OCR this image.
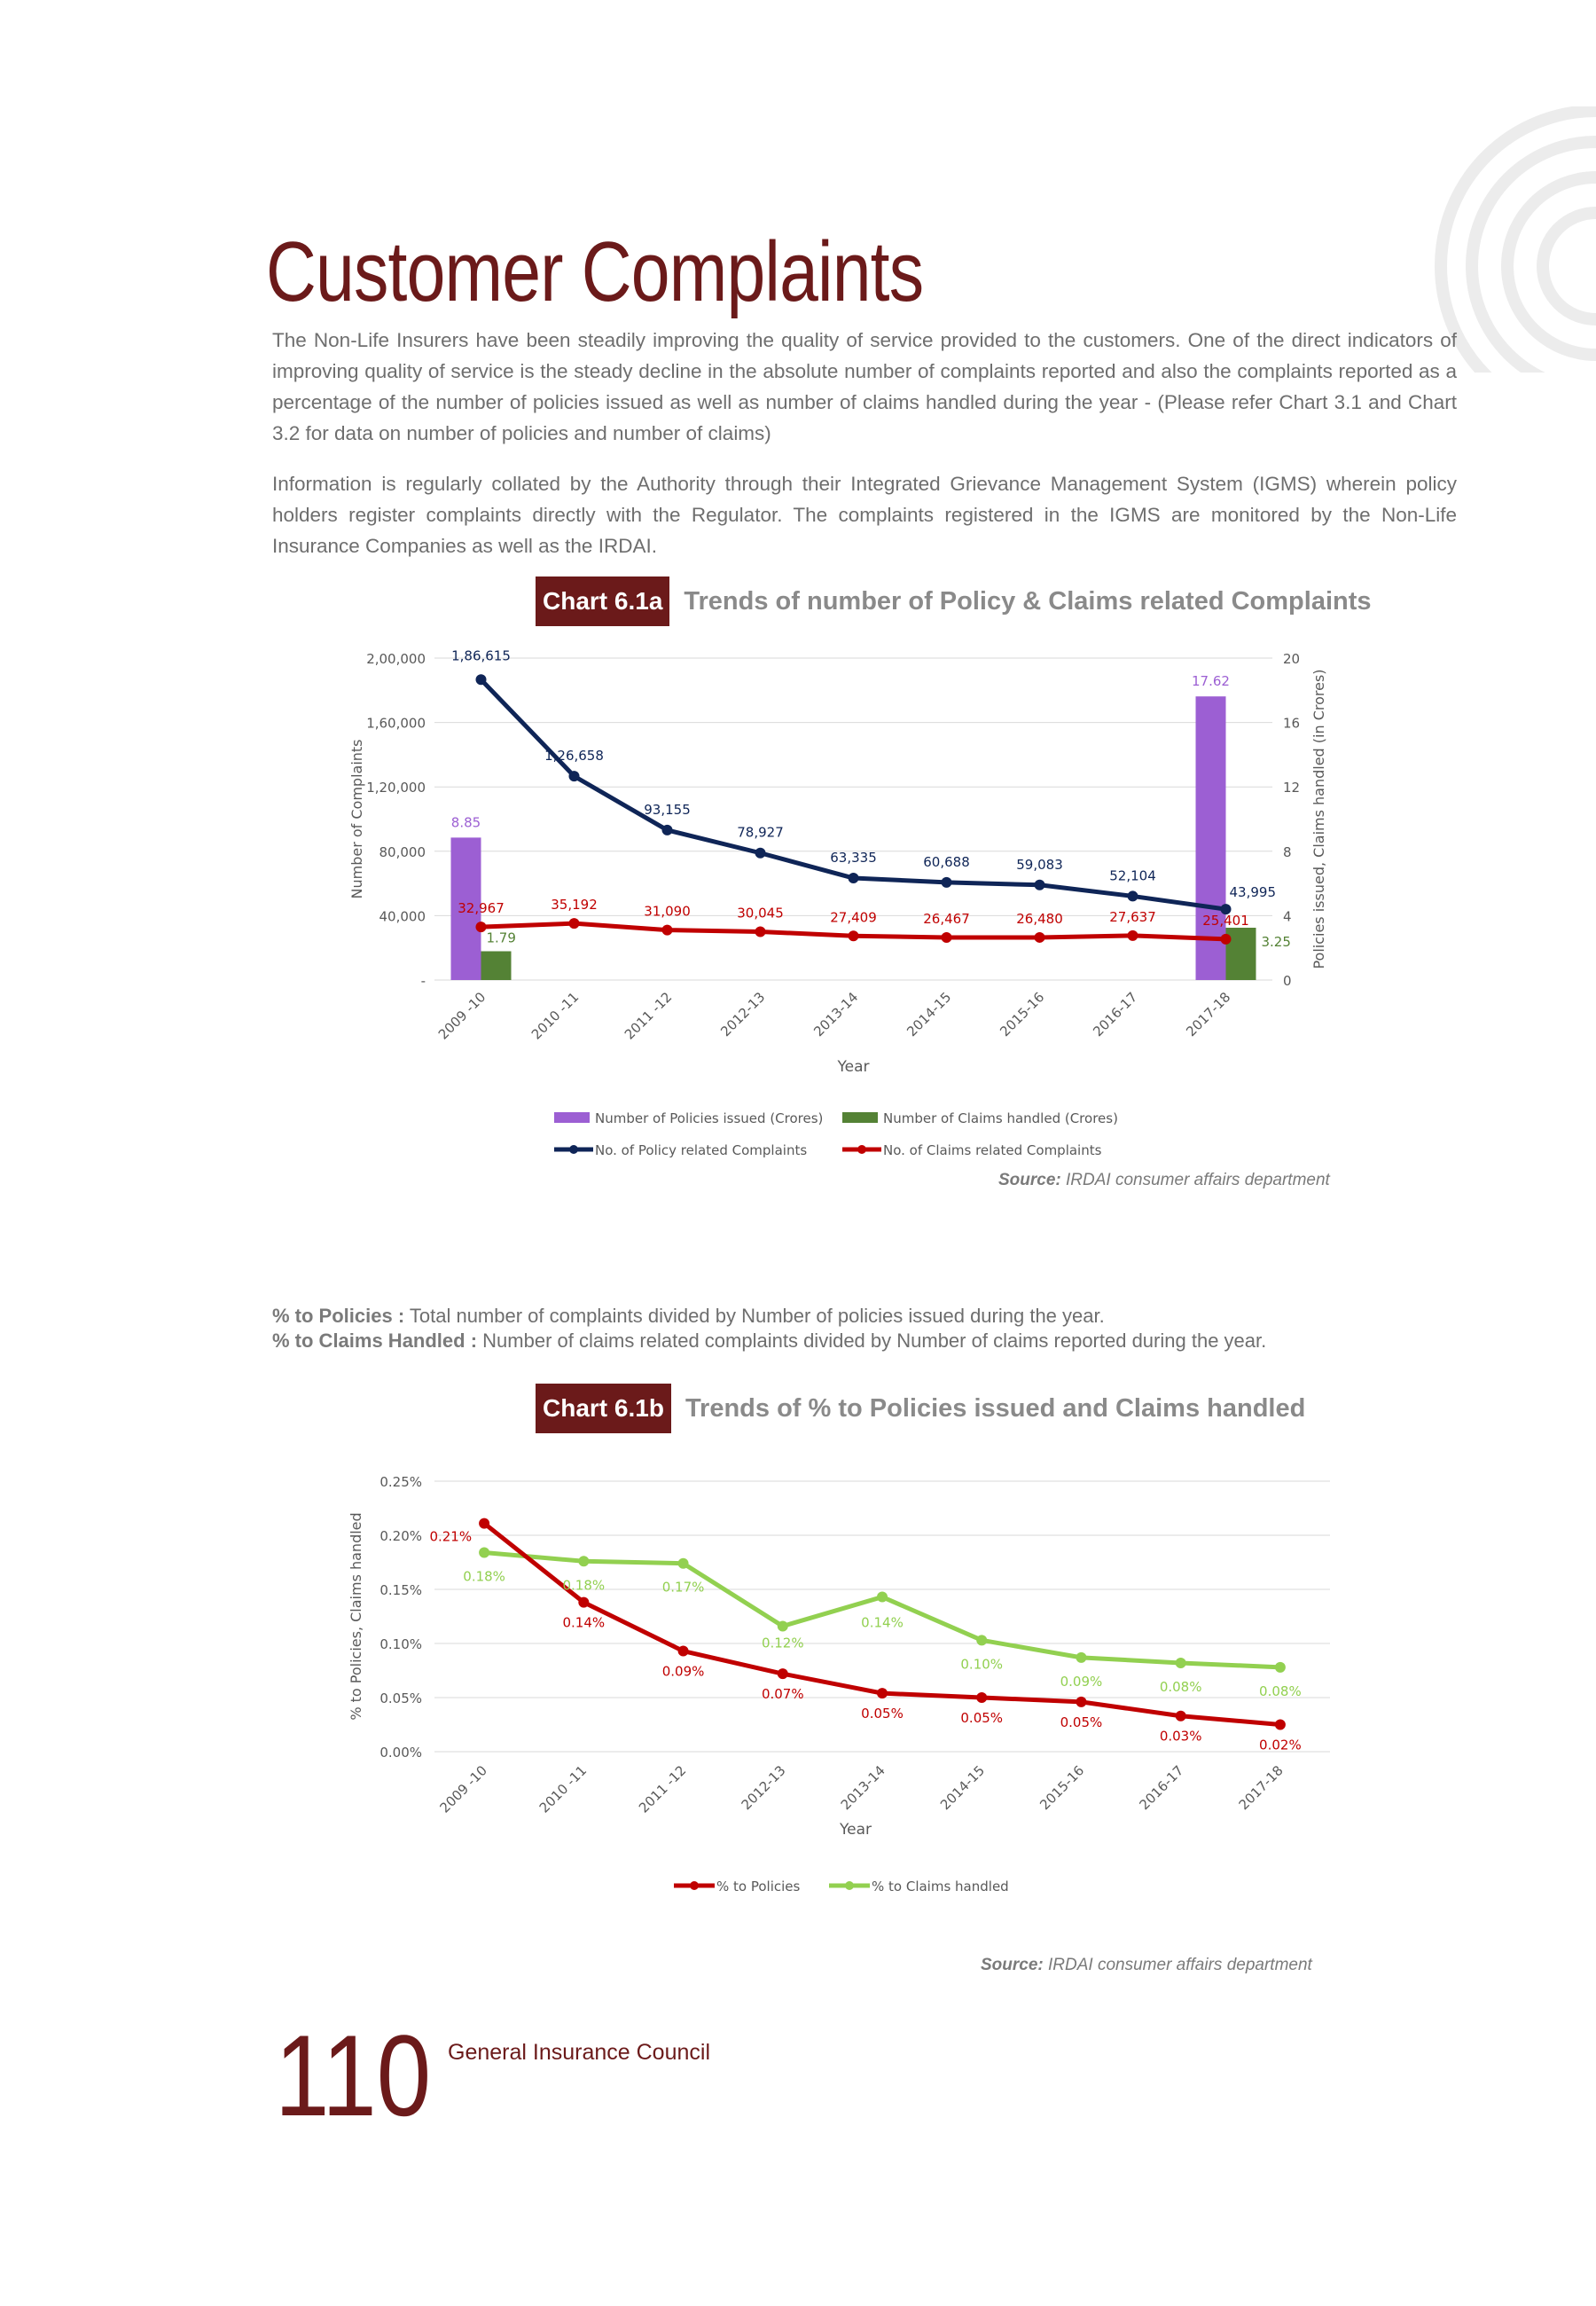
Customer Complaints

The Non-Life Insurers have been steadily improving the quality of service provided to the customers. One of the direct indicators of improving quality of service is the steady decline in the absolute number of complaints reported and also the complaints reported as a percentage of the number of policies issued as well as number of claims handled during the year - (Please refer Chart 3.1 and Chart 3.2 for data on number of policies and number of claims)

Information is regularly collated by the Authority through their Integrated Grievance Management System (IGMS) wherein policy holders register complaints directly with the Regulator. The complaints registered in the IGMS are monitored by the Non-Life Insurance Companies as well as the IRDAI.

Chart 6.1a Trends of number of Policy & Claims related Complaints
-
40,000
80,000
1,20,000
1,60,000
2,00,000
0
4
8
12
16
20
Number of Complaints	Policies issued, Claims handled (in Crores)
Year
2009 -10	2010 -11	2011 -12	2012-13	2013-14	2014-15	2015-16	2016-17	2017-18
8.85
17.62
1.79	3.25
1,86,615
1,26,658
93,155
78,927
63,335	60,688	59,083
52,104
43,995
32,967	35,192	31,090	30,045	27,409	26,467	26,480	27,637	25,401
Number of Policies issued (Crores)	Number of Claims handled (Crores)
No. of Policy related Complaints	No. of Claims related Complaints
Source: IRDAI consumer affairs department
% to Policies : Total number of complaints divided by Number of policies issued during the year.
% to Claims Handled : Number of claims related complaints divided by Number of claims reported during the year.
Chart 6.1b Trends of % to Policies issued and Claims handled
0.00%
0.05%
0.10%
0.15%
0.20%
0.25%
% to Policies, Claims handled
Year
2009 -10	2010 -11	2011 -12	2012-13	2013-14	2014-15	2015-16	2016-17	2017-18
0.21%
0.14%
0.09%
0.07%
0.05%	0.05%	0.05%
0.03%
0.02%
0.18%
0.18%	0.17%
0.12%
0.14%
0.10%
0.09%	0.08%	0.08%
% to Policies	% to Claims handled
Source: IRDAI consumer affairs department
110 General Insurance Council
